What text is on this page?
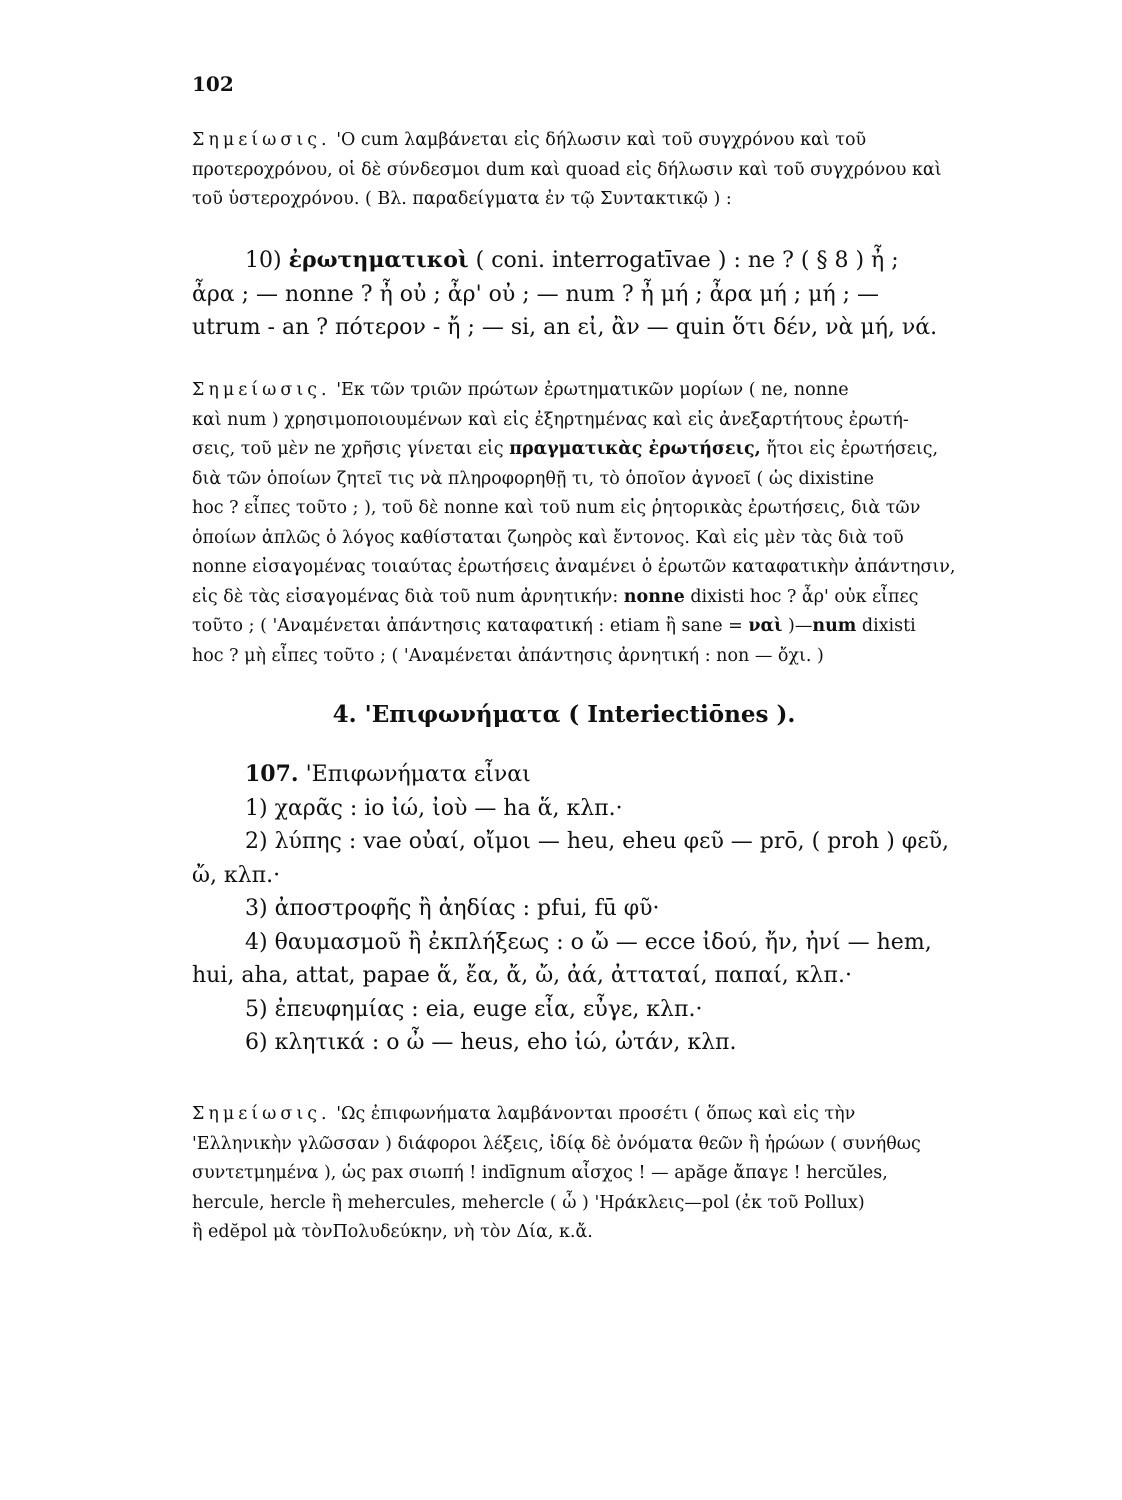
102
Σημείωσις. 'Ο cum λαμβάνεται εἰς δήλωσιν καὶ τοῦ συγχρόνου καὶ τοῦ
προτεροχρόνου, οἱ δὲ σύνδεσμοι dum καὶ quoad εἰς δήλωσιν καὶ τοῦ συγχρόνου καὶ
τοῦ ὑστεροχρόνου. ( Βλ. παραδείγματα ἐν τῷ Συντακτικῷ ) :
10) ἐρωτηματικοὶ ( coni. interrogatīvae ) : ne ? ( § 8 ) ἦ ;
ἆρα ; — nonne ? ἦ οὐ ; ἆρ' οὐ ; — num ? ἦ μή ; ἆρα μή ; μή ; —
utrum - an ? πότερον - ἤ ; — si, an εἰ, ἂν — quin ὅτι δέν, νὰ μή, νά.
Σημείωσις. 'Εκ τῶν τριῶν πρώτων ἐρωτηματικῶν μορίων ( ne, nonne
καὶ num ) χρησιμοποιουμένων καὶ εἰς ἐξηρτημένας καὶ εἰς ἀνεξαρτήτους ἐρωτή-
σεις, τοῦ μὲν ne χρῆσις γίνεται εἰς πραγματικὰς ἐρωτήσεις, ἤτοι εἰς ἐρωτήσεις,
διὰ τῶν ὁποίων ζητεῖ τις νὰ πληροφορηθῇ τι, τὸ ὁποῖον ἀγνοεῖ ( ὡς dixistine
hoc ? εἶπες τοῦτο ; ), τοῦ δὲ nonne καὶ τοῦ num εἰς ῥητορικὰς ἐρωτήσεις, διὰ τῶν
ὁποίων ἁπλῶς ὁ λόγος καθίσταται ζωηρὸς καὶ ἔντονος. Καὶ εἰς μὲν τὰς διὰ τοῦ
nonne εἰσαγομένας τοιαύτας ἐρωτήσεις ἀναμένει ὁ ἐρωτῶν καταφατικὴν ἀπάντησιν,
εἰς δὲ τὰς εἰσαγομένας διὰ τοῦ num ἀρνητικήν: nonne dixisti hoc ? ἆρ' οὐκ εἶπες
τοῦτο ; ( 'Αναμένεται ἀπάντησις καταφατική : etiam ἢ sane = ναὶ )—num dixisti
hoc ? μὴ εἶπες τοῦτο ; ( 'Αναμένεται ἀπάντησις ἀρνητική : non — ὄχι. )
4. 'Επιφωνήματα ( Interiectiōnes ).
107. 'Επιφωνήματα εἶναι
1) χαρᾶς : io ἰώ, ἰοὺ — ha ἅ, κλπ.·
2) λύπης : vae οὐαί, οἴμοι — heu, eheu φεῦ — prō, ( proh ) φεῦ,
ὤ, κλπ.·
3) ἀποστροφῆς ἢ ἀηδίας : pfui, fū φῦ·
4) θαυμασμοῦ ἢ ἐκπλήξεως : o ὤ — ecce ἰδού, ἤν, ἠνί — hem,
hui, aha, attat, papae ἅ, ἔα, ἄ, ὤ, ἀά, ἀτταταί, παπαί, κλπ.·
5) ἐπευφημίας : eia, euge εἶα, εὖγε, κλπ.·
6) κλητικά : o ὦ — heus, eho ἰώ, ὠτάν, κλπ.
Σημείωσις. 'Ως ἐπιφωνήματα λαμβάνονται προσέτι ( ὅπως καὶ εἰς τὴν
'Ελληνικὴν γλῶσσαν ) διάφοροι λέξεις, ἰδίᾳ δὲ ὀνόματα θεῶν ἢ ἡρώων ( συνήθως
συντετμημένα ), ὡς pax σιωπή ! indīgnum αἶσχος ! — apăge ἄπαγε ! hercŭles,
hercule, hercle ἢ mehercules, mehercle ( ὦ ) 'Ηράκλεις—pol (ἐκ τοῦ Pollux)
ἢ edĕpol μὰ τὸνΠολυδεύκην, νὴ τὸν Δία, κ.ἄ.
